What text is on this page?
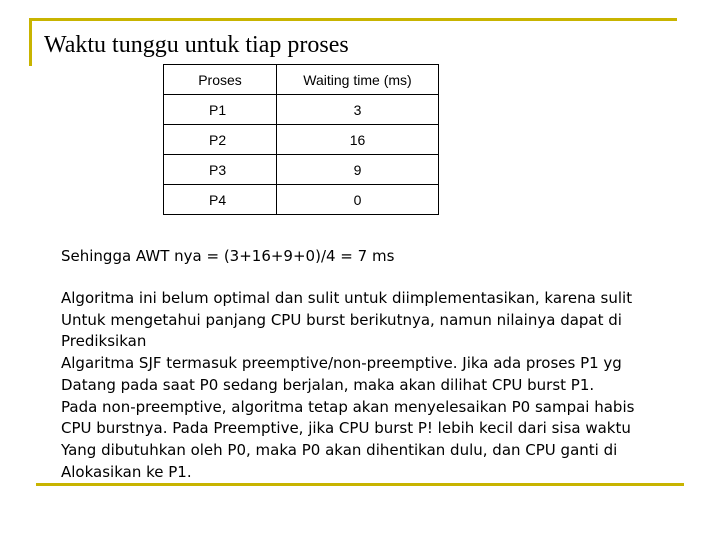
Waktu tunggu untuk tiap proses
Proses	Waiting time (ms)
P1	3
P2	16
P3	9
P4	0
Sehingga AWT nya = (3+16+9+0)/4 = 7 ms
Algoritma ini belum optimal dan sulit untuk diimplementasikan, karena sulit
Untuk mengetahui panjang CPU burst berikutnya, namun nilainya dapat di
Prediksikan
Algaritma SJF termasuk preemptive/non-preemptive. Jika ada proses P1 yg
Datang pada saat P0 sedang berjalan, maka akan dilihat CPU burst P1.
Pada non-preemptive, algoritma tetap akan menyelesaikan P0 sampai habis
CPU burstnya. Pada Preemptive, jika CPU burst P! lebih kecil dari sisa waktu
Yang dibutuhkan oleh P0, maka P0 akan dihentikan dulu, dan CPU ganti di
Alokasikan ke P1.
